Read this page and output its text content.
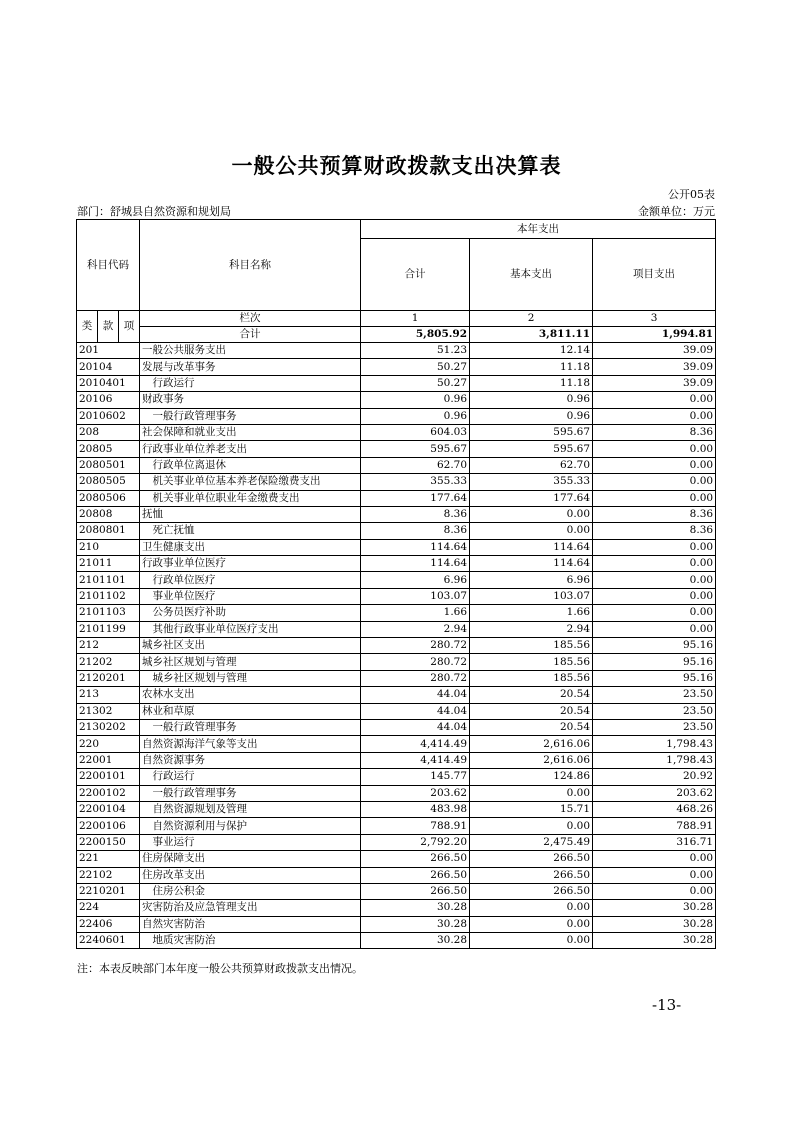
一般公共预算财政拨款支出决算表
公开05表
部门：舒城县自然资源和规划局	金额单位：万元
科目代码			科目名称	本年支出		
				合计	基本支出	项目支出
类	款	项	栏次	1	2	3
			合计	5,805.92	3,811.11	1,994.81
201			一般公共服务支出	51.23	12.14	39.09
20104			发展与改革事务	50.27	11.18	39.09
2010401			　行政运行	50.27	11.18	39.09
20106			财政事务	0.96	0.96	0.00
2010602			　一般行政管理事务	0.96	0.96	0.00
208			社会保障和就业支出	604.03	595.67	8.36
20805			行政事业单位养老支出	595.67	595.67	0.00
2080501			　行政单位离退休	62.70	62.70	0.00
2080505			　机关事业单位基本养老保险缴费支出	355.33	355.33	0.00
2080506			　机关事业单位职业年金缴费支出	177.64	177.64	0.00
20808			抚恤	8.36	0.00	8.36
2080801			　死亡抚恤	8.36	0.00	8.36
210			卫生健康支出	114.64	114.64	0.00
21011			行政事业单位医疗	114.64	114.64	0.00
2101101			　行政单位医疗	6.96	6.96	0.00
2101102			　事业单位医疗	103.07	103.07	0.00
2101103			　公务员医疗补助	1.66	1.66	0.00
2101199			　其他行政事业单位医疗支出	2.94	2.94	0.00
212			城乡社区支出	280.72	185.56	95.16
21202			城乡社区规划与管理	280.72	185.56	95.16
2120201			　城乡社区规划与管理	280.72	185.56	95.16
213			农林水支出	44.04	20.54	23.50
21302			林业和草原	44.04	20.54	23.50
2130202			　一般行政管理事务	44.04	20.54	23.50
220			自然资源海洋气象等支出	4,414.49	2,616.06	1,798.43
22001			自然资源事务	4,414.49	2,616.06	1,798.43
2200101			　行政运行	145.77	124.86	20.92
2200102			　一般行政管理事务	203.62	0.00	203.62
2200104			　自然资源规划及管理	483.98	15.71	468.26
2200106			　自然资源利用与保护	788.91	0.00	788.91
2200150			　事业运行	2,792.20	2,475.49	316.71
221			住房保障支出	266.50	266.50	0.00
22102			住房改革支出	266.50	266.50	0.00
2210201			　住房公积金	266.50	266.50	0.00
224			灾害防治及应急管理支出	30.28	0.00	30.28
22406			自然灾害防治	30.28	0.00	30.28
2240601			　地质灾害防治	30.28	0.00	30.28
注：本表反映部门本年度一般公共预算财政拨款支出情况。
-13-
